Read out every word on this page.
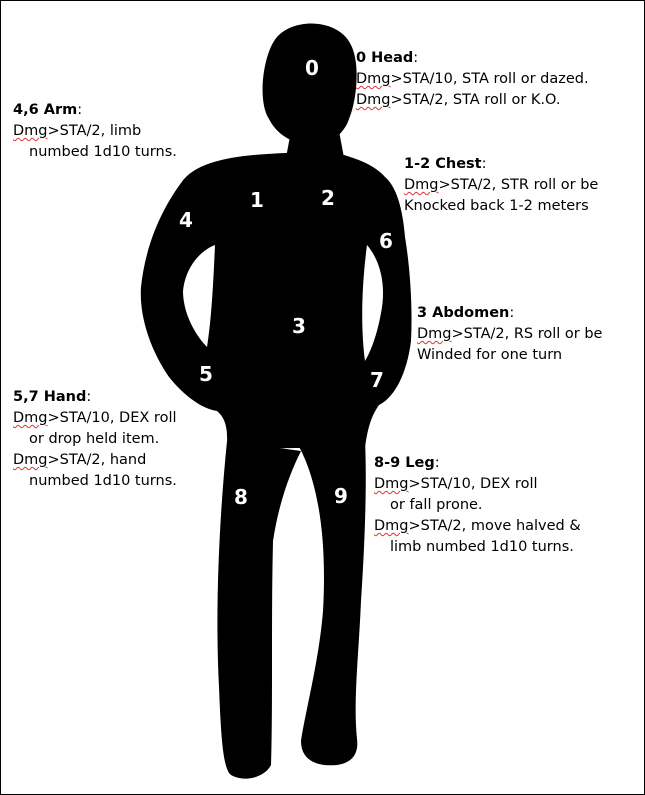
0
1	2
3
4
5
6
7
8	9
0 Head:
Dmg>STA/10, STA roll or dazed.
Dmg>STA/2, STA roll or K.O.
4,6 Arm:
Dmg>STA/2, limb
numbed 1d10 turns.
1-2 Chest:
Dmg>STA/2, STR roll or be
Knocked back 1-2 meters
3 Abdomen:
Dmg>STA/2, RS roll or be
Winded for one turn
5,7 Hand:
Dmg>STA/10, DEX roll
or drop held item.
Dmg>STA/2, hand
numbed 1d10 turns.
8-9 Leg:
Dmg>STA/10, DEX roll
or fall prone.
Dmg>STA/2, move halved &
limb numbed 1d10 turns.
